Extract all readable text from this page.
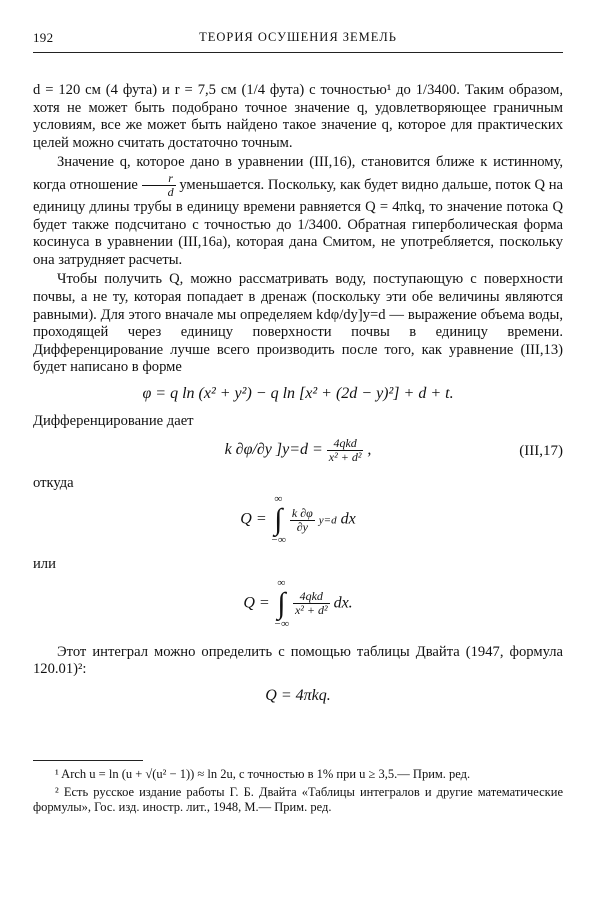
192	ТЕОРИЯ ОСУШЕНИЯ ЗЕМЕЛЬ

d = 120 см (4 фута) и r = 7,5 см (1/4 фута) с точностью¹ до 1/3400. Таким образом, хотя не может быть подобрано точное значение q, удовлетворяющее граничным условиям, все же может быть найдено такое значение q, которое для практических целей можно считать достаточно точным.

Значение q, которое дано в уравнении (III,16), становится ближе к истинному, когда отношение $\frac{r}{d}$ уменьшается. Поскольку, как будет видно дальше, поток Q на единицу длины трубы в единицу времени равняется Q = 4πkq, то значение потока Q будет также подсчитано с точностью до 1/3400. Обратная гиперболическая форма косинуса в уравнении (III,16а), которая дана Смитом, не употребляется, поскольку она затрудняет расчеты.

Чтобы получить Q, можно рассматривать воду, поступающую с поверхности почвы, а не ту, которая попадает в дренаж (поскольку эти обе величины являются равными). Для этого вначале мы определяем kdφ/dy]y=d — выражение объема воды, проходящей через единицу поверхности почвы в единицу времени. Дифференцирование лучше всего производить после того, как уравнение (III,13) будет написано в форме

φ = q ln (x² + y²) − q ln [x² + (2d − y)²] + d + t.

Дифференцирование дает

k ∂φ/∂y ]$y=d = \frac{\text{4qkd}}{\text{x² + d²}}$ ,	(III,17)

откуда

Q = ∞
∫
−∞
$\frac{k \partial\varphi}{\partial y} y=d$ dx

или

Q = ∞
∫
−∞
$\frac{\text{4qkd}}{\text{x² + d²}}$ dx.

Этот интеграл можно определить с помощью таблицы Двайта (1947, формула 120.01)²:

Q = 4πkq.

¹ Arch u = ln (u + √(u² − 1)) ≈ ln 2u, с точностью в 1% при u ≥ 3,5.— Прим. ред.

² Есть русское издание работы Г. Б. Двайта «Таблицы интегралов и другие математические формулы», Гос. изд. иностр. лит., 1948, М.— Прим. ред.
